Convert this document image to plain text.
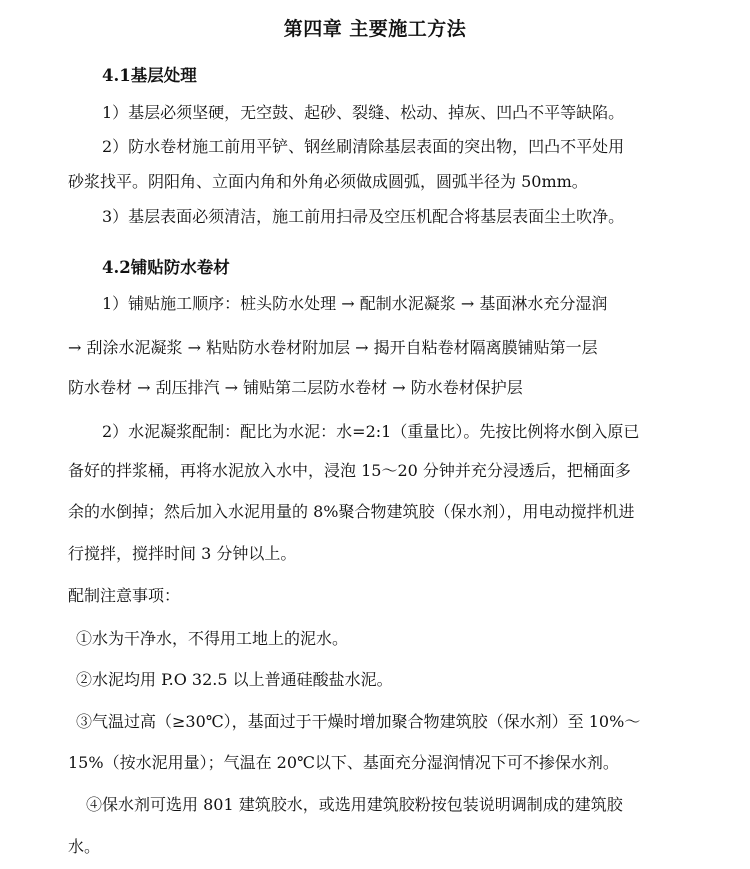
第四章 主要施工方法
4.1基层处理
1）基层必须坚硬，无空鼓、起砂、裂缝、松动、掉灰、凹凸不平等缺陷。
2）防水卷材施工前用平铲、钢丝刷清除基层表面的突出物，凹凸不平处用
砂浆找平。阴阳角、立面内角和外角必须做成圆弧，圆弧半径为 50mm。
3）基层表面必须清洁，施工前用扫帚及空压机配合将基层表面尘土吹净。
4.2铺贴防水卷材
1）铺贴施工顺序：桩头防水处理 → 配制水泥凝浆 → 基面淋水充分湿润
→ 刮涂水泥凝浆 → 粘贴防水卷材附加层 → 揭开自粘卷材隔离膜铺贴第一层
防水卷材 → 刮压排汽 → 铺贴第二层防水卷材 → 防水卷材保护层
2）水泥凝浆配制：配比为水泥：水=2:1（重量比）。先按比例将水倒入原已
备好的拌浆桶，再将水泥放入水中，浸泡 15～20 分钟并充分浸透后，把桶面多
余的水倒掉；然后加入水泥用量的 8%聚合物建筑胶（保水剂），用电动搅拌机进
行搅拌，搅拌时间 3 分钟以上。
配制注意事项：
①水为干净水，不得用工地上的泥水。
②水泥均用 P.O 32.5 以上普通硅酸盐水泥。
③气温过高（≥30℃），基面过于干燥时增加聚合物建筑胶（保水剂）至 10%～
15%（按水泥用量）；气温在 20℃以下、基面充分湿润情况下可不掺保水剂。
④保水剂可选用 801 建筑胶水，或选用建筑胶粉按包装说明调制成的建筑胶
水。
